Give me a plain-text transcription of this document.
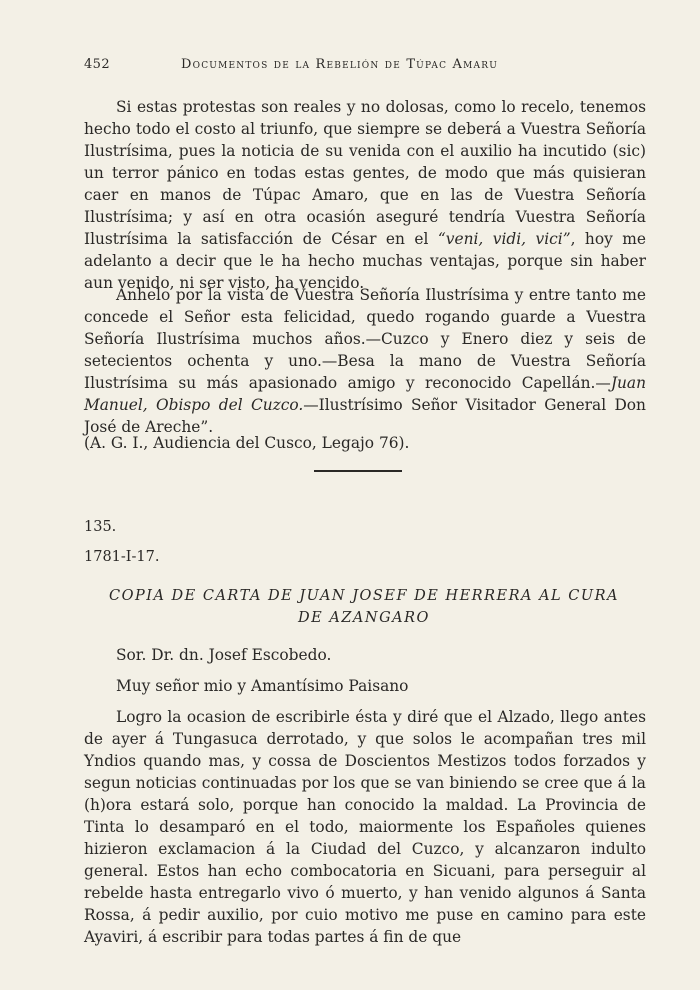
452	Documentos de la Rebelión de Túpac Amaru

Si estas protestas son reales y no dolosas, como lo recelo, tenemos hecho todo el costo al triunfo, que siempre se deberá a Vuestra Señoría Ilustrísima, pues la noticia de su venida con el auxilio ha incutido (sic) un terror pánico en todas estas gentes, de modo que más quisieran caer en manos de Túpac Amaro, que en las de Vuestra Señoría Ilustrísima; y así en otra ocasión aseguré tendría Vuestra Señoría Ilustrísima la satisfacción de César en el “veni, vidi, vici”, hoy me adelanto a decir que le ha hecho muchas ventajas, porque sin haber aun venido, ni ser visto, ha vencido.

Anhelo por la vista de Vuestra Señoría Ilustrísima y entre tanto me concede el Señor esta felicidad, quedo rogando guarde a Vuestra Señoría Ilustrísima muchos años.—Cuzco y Enero diez y seis de setecientos ochenta y uno.—Besa la mano de Vuestra Señoría Ilustrísima su más apasionado amigo y reconocido Capellán.—Juan Manuel, Obispo del Cuzco.—Ilustrísimo Señor Visitador General Don José de Areche”.

(A. G. I., Audiencia del Cusco, Legajo 76).
135.
1781-I-17.
COPIA DE CARTA DE JUAN JOSEF DE HERRERA AL CURA DE AZANGARO
Sor. Dr. dn. Josef Escobedo.
Muy señor mio y Amantísimo Paisano

Logro la ocasion de escribirle ésta y diré que el Alzado, llego antes de ayer á Tungasuca derrotado, y que solos le acompañan tres mil Yndios quando mas, y cossa de Doscientos Mestizos todos forzados y segun noticias continuadas por los que se van biniendo se cree que á la (h)ora estará solo, porque han conocido la maldad. La Provincia de Tinta lo desamparó en el todo, maiormente los Españoles quienes hizieron exclamacion á la Ciudad del Cuzco, y alcanzaron indulto general. Estos han echo combocatoria en Sicuani, para perseguir al rebelde hasta entregarlo vivo ó muerto, y han venido algunos á Santa Rossa, á pedir auxilio, por cuio motivo me puse en camino para este Ayaviri, á escribir para todas partes á fin de que
